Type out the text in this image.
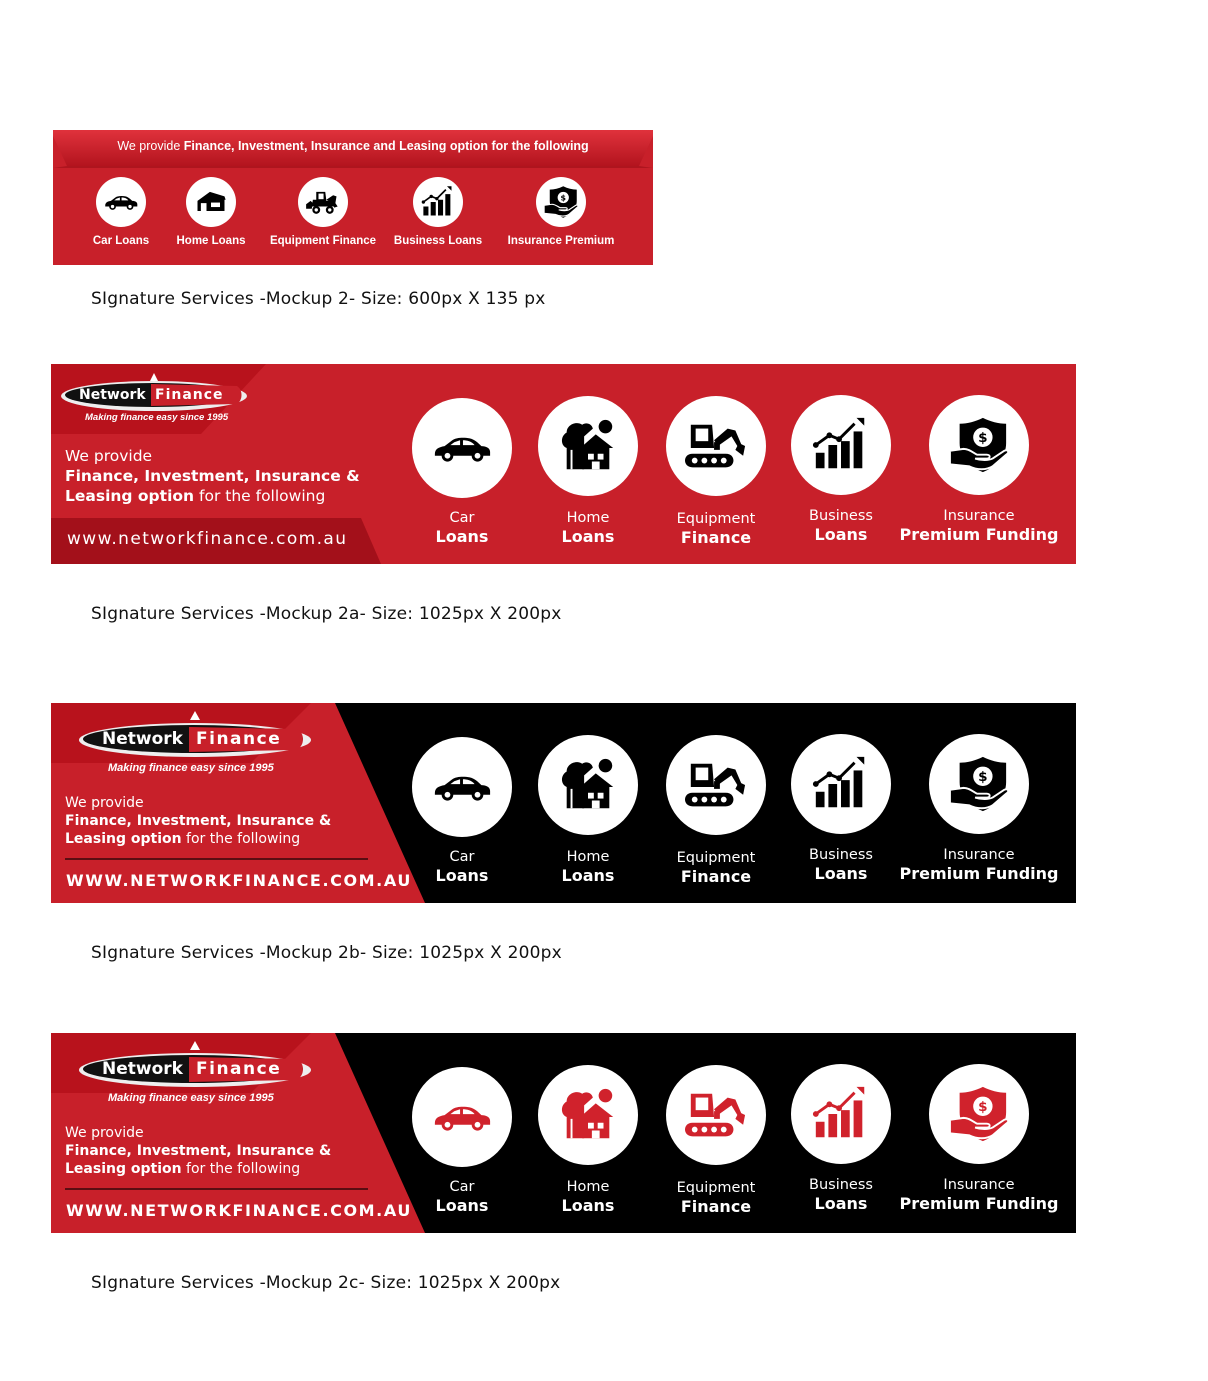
We provide Finance, Investment, Insurance and Leasing option for the following
Car Loans	Home Loans	Equipment Finance	Business Loans	Insurance Premium
SIgnature Services -Mockup 2- Size: 600px X 135 px
Network Finance
Making finance easy since 1995
We provide
Finance, Investment, Insurance &
Leasing option for the following
www.networkfinance.com.au
Car
Loans
Home
Loans
Equipment
Finance
Business
Loans
Insurance
Premium Funding
SIgnature Services -Mockup 2a- Size: 1025px X 200px
Network Finance
Making finance easy since 1995
We provide
Finance, Investment, Insurance &
Leasing option for the following
WWW.NETWORKFINANCE.COM.AU
Car
Loans
Home
Loans
Equipment
Finance
Business
Loans
Insurance
Premium Funding
SIgnature Services -Mockup 2b- Size: 1025px X 200px
Network Finance
Making finance easy since 1995
We provide
Finance, Investment, Insurance &
Leasing option for the following
WWW.NETWORKFINANCE.COM.AU
Car
Loans
Home
Loans
Equipment
Finance
Business
Loans
Insurance
Premium Funding
SIgnature Services -Mockup 2c- Size: 1025px X 200px
